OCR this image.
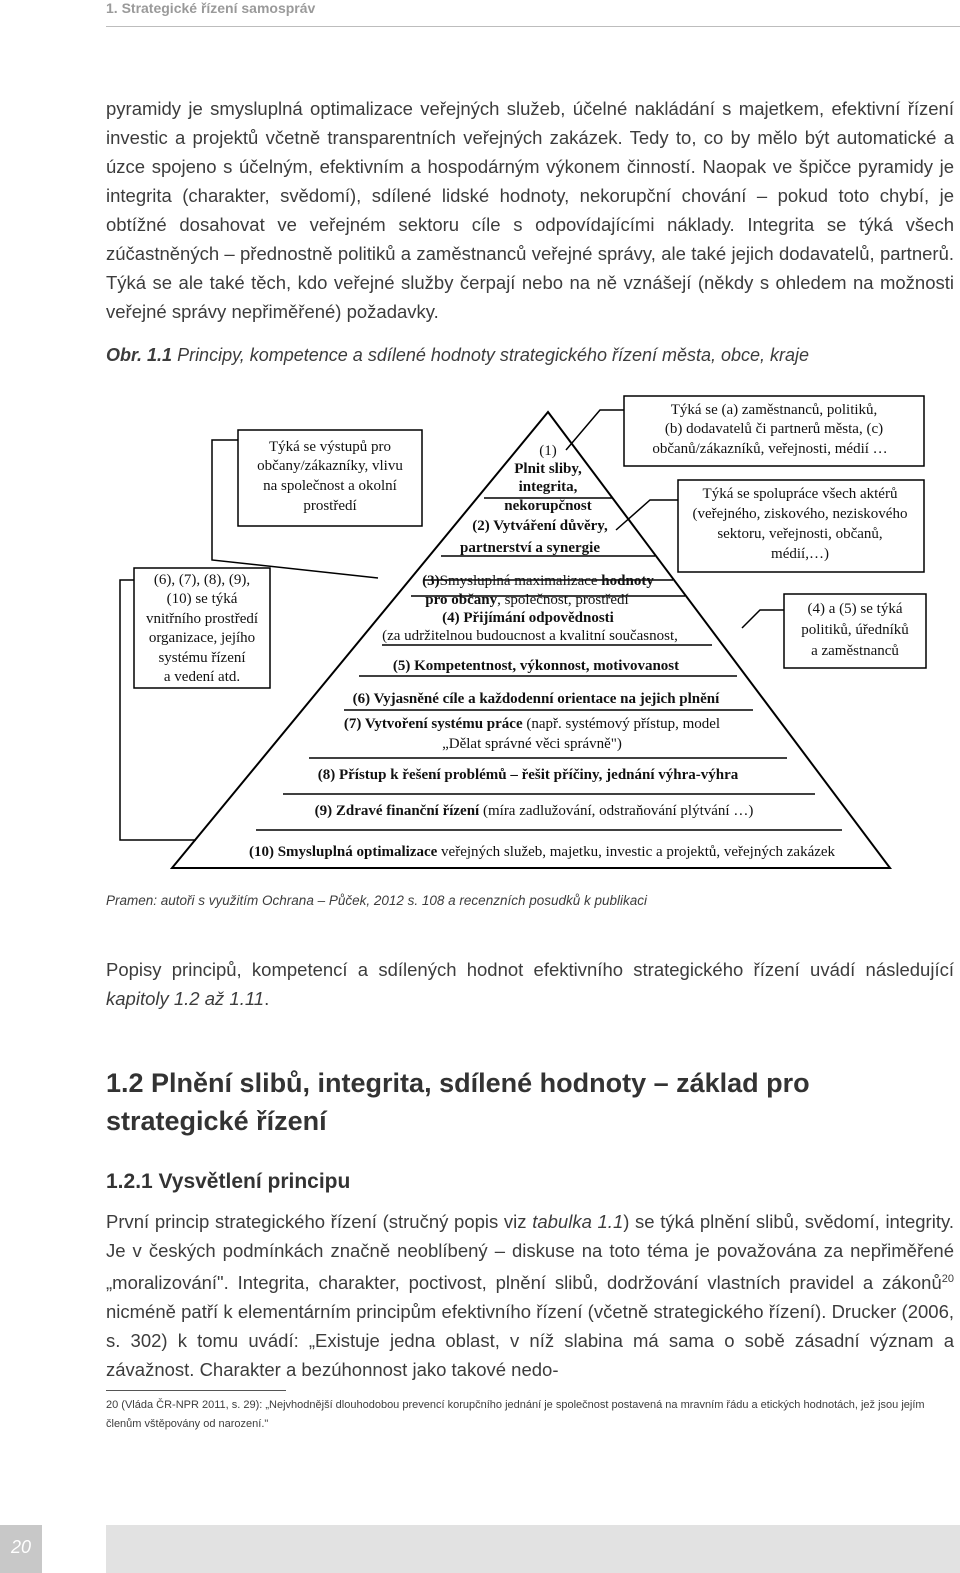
1. Strategické řízení samospráv
pyramidy je smysluplná optimalizace veřejných služeb, účelné nakládání s majetkem, efektivní řízení investic a projektů včetně transparentních veřejných zakázek. Tedy to, co by mělo být automatické a úzce spojeno s účelným, efektivním a hospodárným výkonem činností. Naopak ve špičce pyramidy je integrita (charakter, svědomí), sdílené lidské hodnoty, nekorupční chování – pokud toto chybí, je obtížné dosahovat ve veřejném sektoru cíle s odpovídajícími náklady. Integrita se týká všech zúčastněných – přednostně politiků a zaměstnanců veřejné správy, ale také jejich dodavatelů, partnerů. Týká se ale také těch, kdo veřejné služby čerpají nebo na ně vznášejí (někdy s ohledem na možnosti veřejné správy nepřiměřené) požadavky.
Obr. 1.1 Principy, kompetence a sdílené hodnoty strategického řízení města, obce, kraje
(1)
Plnit sliby,
integrita,
nekorupčnost
(2) Vytváření důvěry,
partnerství a synergie
(3)Smysluplná maximalizace hodnoty
pro občany, společnost, prostředí
(4) Přijímání odpovědnosti
(za udržitelnou budoucnost a kvalitní současnost,
(5) Kompetentnost, výkonnost, motivovanost
(6) Vyjasněné cíle a každodenní orientace na jejich plnění
(7) Vytvoření systému práce (např. systémový přístup, model
„Dělat správné věci správně")
(8) Přístup k řešení problémů – řešit příčiny, jednání výhra-výhra
(9) Zdravé finanční řízení (míra zadlužování, odstraňování plýtvání …)
(10) Smysluplná optimalizace veřejných služeb, majetku, investic a projektů, veřejných zakázek
Týká se výstupů pro
občany/zákazníky, vlivu
na společnost a okolní
prostředí
(6), (7), (8), (9),
(10) se týká
vnitřního prostředí
organizace, jejího
systému řízení
a vedení atd.
Týká se (a) zaměstnanců, politiků,
(b) dodavatelů či partnerů města, (c)
občanů/zákazníků, veřejnosti, médií …
Týká se spolupráce všech aktérů
(veřejného, ziskového, neziskového
sektoru, veřejnosti, občanů,
médií,…)
(4) a (5) se týká
politiků, úředníků
a zaměstnanců
Pramen: autoři s využitím Ochrana – Půček, 2012 s. 108 a recenzních posudků k publikaci
Popisy principů, kompetencí a sdílených hodnot efektivního strategického řízení uvádí následující kapitoly 1.2 až 1.11.
1.2 Plnění slibů, integrita, sdílené hodnoty – základ pro strategické řízení
1.2.1 Vysvětlení principu
První princip strategického řízení (stručný popis viz tabulka 1.1) se týká plnění slibů, svědomí, integrity. Je v českých podmínkách značně neoblíbený – diskuse na toto téma je považována za nepřiměřené „moralizování". Integrita, charakter, poctivost, plnění slibů, dodržování vlastních pravidel a zákonů$^{20}$ nicméně patří k elementárním principům efektivního řízení (včetně strategického řízení). Drucker (2006, s. 302) k tomu uvádí: „Existuje jedna oblast, v níž slabina má sama o sobě zásadní význam a závažnost. Charakter a bezúhonnost jako takové nedo-
20 (Vláda ČR-NPR 2011, s. 29): „Nejvhodnější dlouhodobou prevencí korupčního jednání je společnost postavená na mravním řádu a etických hodnotách, jež jsou jejím členům vštěpovány od narození."
20
